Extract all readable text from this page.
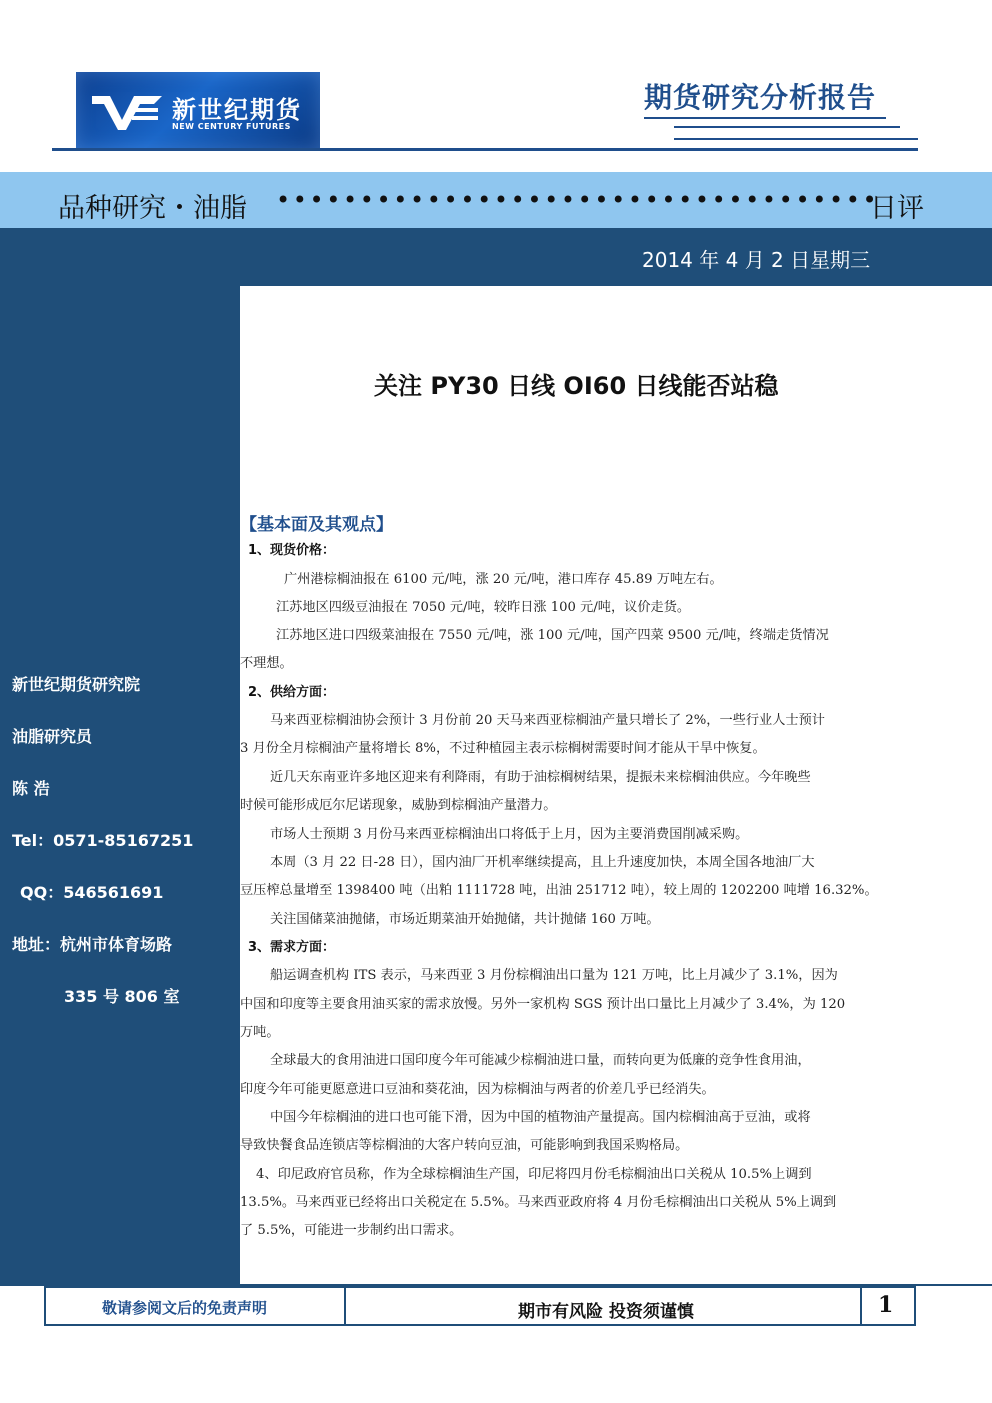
新世纪期货
NEW CENTURY FUTURES
期货研究分析报告
品种研究・油脂 ••••••••••••••••••••••••••••••••••••
日评
2014 年 4 月 2 日星期三
新世纪期货研究院
油脂研究员
陈 浩
Tel：0571-85167251
QQ：546561691
地址：杭州市体育场路
335 号 806 室
关注 PY30 日线 OI60 日线能否站稳
【基本面及其观点】
1、现货价格：
广州港棕榈油报在 6100 元/吨，涨 20 元/吨，港口库存 45.89 万吨左右。
江苏地区四级豆油报在 7050 元/吨，较昨日涨 100 元/吨，议价走货。
江苏地区进口四级菜油报在 7550 元/吨，涨 100 元/吨，国产四菜 9500 元/吨，终端走货情况
不理想。
2、供给方面：
马来西亚棕榈油协会预计 3 月份前 20 天马来西亚棕榈油产量只增长了 2%，一些行业人士预计
3 月份全月棕榈油产量将增长 8%，不过种植园主表示棕榈树需要时间才能从干旱中恢复。
近几天东南亚许多地区迎来有利降雨，有助于油棕榈树结果，提振未来棕榈油供应。今年晚些
时候可能形成厄尔尼诺现象，威胁到棕榈油产量潜力。
市场人士预期 3 月份马来西亚棕榈油出口将低于上月，因为主要消费国削减采购。
本周（3 月 22 日-28 日），国内油厂开机率继续提高，且上升速度加快，本周全国各地油厂大
豆压榨总量增至 1398400 吨（出粕 1111728 吨，出油 251712 吨），较上周的 1202200 吨增 16.32%。
关注国储菜油抛储，市场近期菜油开始抛储，共计抛储 160 万吨。
3、需求方面：
船运调查机构 ITS 表示，马来西亚 3 月份棕榈油出口量为 121 万吨，比上月减少了 3.1%，因为
中国和印度等主要食用油买家的需求放慢。另外一家机构 SGS 预计出口量比上月减少了 3.4%，为 120
万吨。
全球最大的食用油进口国印度今年可能减少棕榈油进口量，而转向更为低廉的竞争性食用油，
印度今年可能更愿意进口豆油和葵花油，因为棕榈油与两者的价差几乎已经消失。
中国今年棕榈油的进口也可能下滑，因为中国的植物油产量提高。国内棕榈油高于豆油，或将
导致快餐食品连锁店等棕榈油的大客户转向豆油，可能影响到我国采购格局。
4、印尼政府官员称，作为全球棕榈油生产国，印尼将四月份毛棕榈油出口关税从 10.5%上调到
13.5%。马来西亚已经将出口关税定在 5.5%。马来西亚政府将 4 月份毛棕榈油出口关税从 5%上调到
了 5.5%，可能进一步制约出口需求。
敬请参阅文后的免责声明	期市有风险 投资须谨慎	1
